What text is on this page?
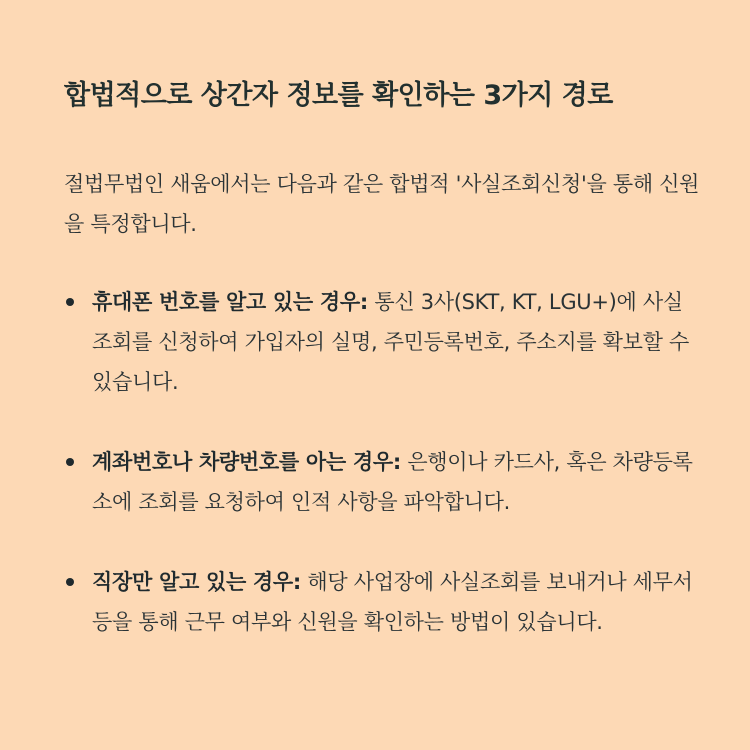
합법적으로 상간자 정보를 확인하는 3가지 경로

절법무법인 새움에서는 다음과 같은 합법적 '사실조회신청'을 통해 신원을 특정합니다.

휴대폰 번호를 알고 있는 경우: 통신 3사(SKT, KT, LGU+)에 사실조회를 신청하여 가입자의 실명, 주민등록번호, 주소지를 확보할 수 있습니다.
계좌번호나 차량번호를 아는 경우: 은행이나 카드사, 혹은 차량등록소에 조회를 요청하여 인적 사항을 파악합니다.
직장만 알고 있는 경우: 해당 사업장에 사실조회를 보내거나 세무서 등을 통해 근무 여부와 신원을 확인하는 방법이 있습니다.
